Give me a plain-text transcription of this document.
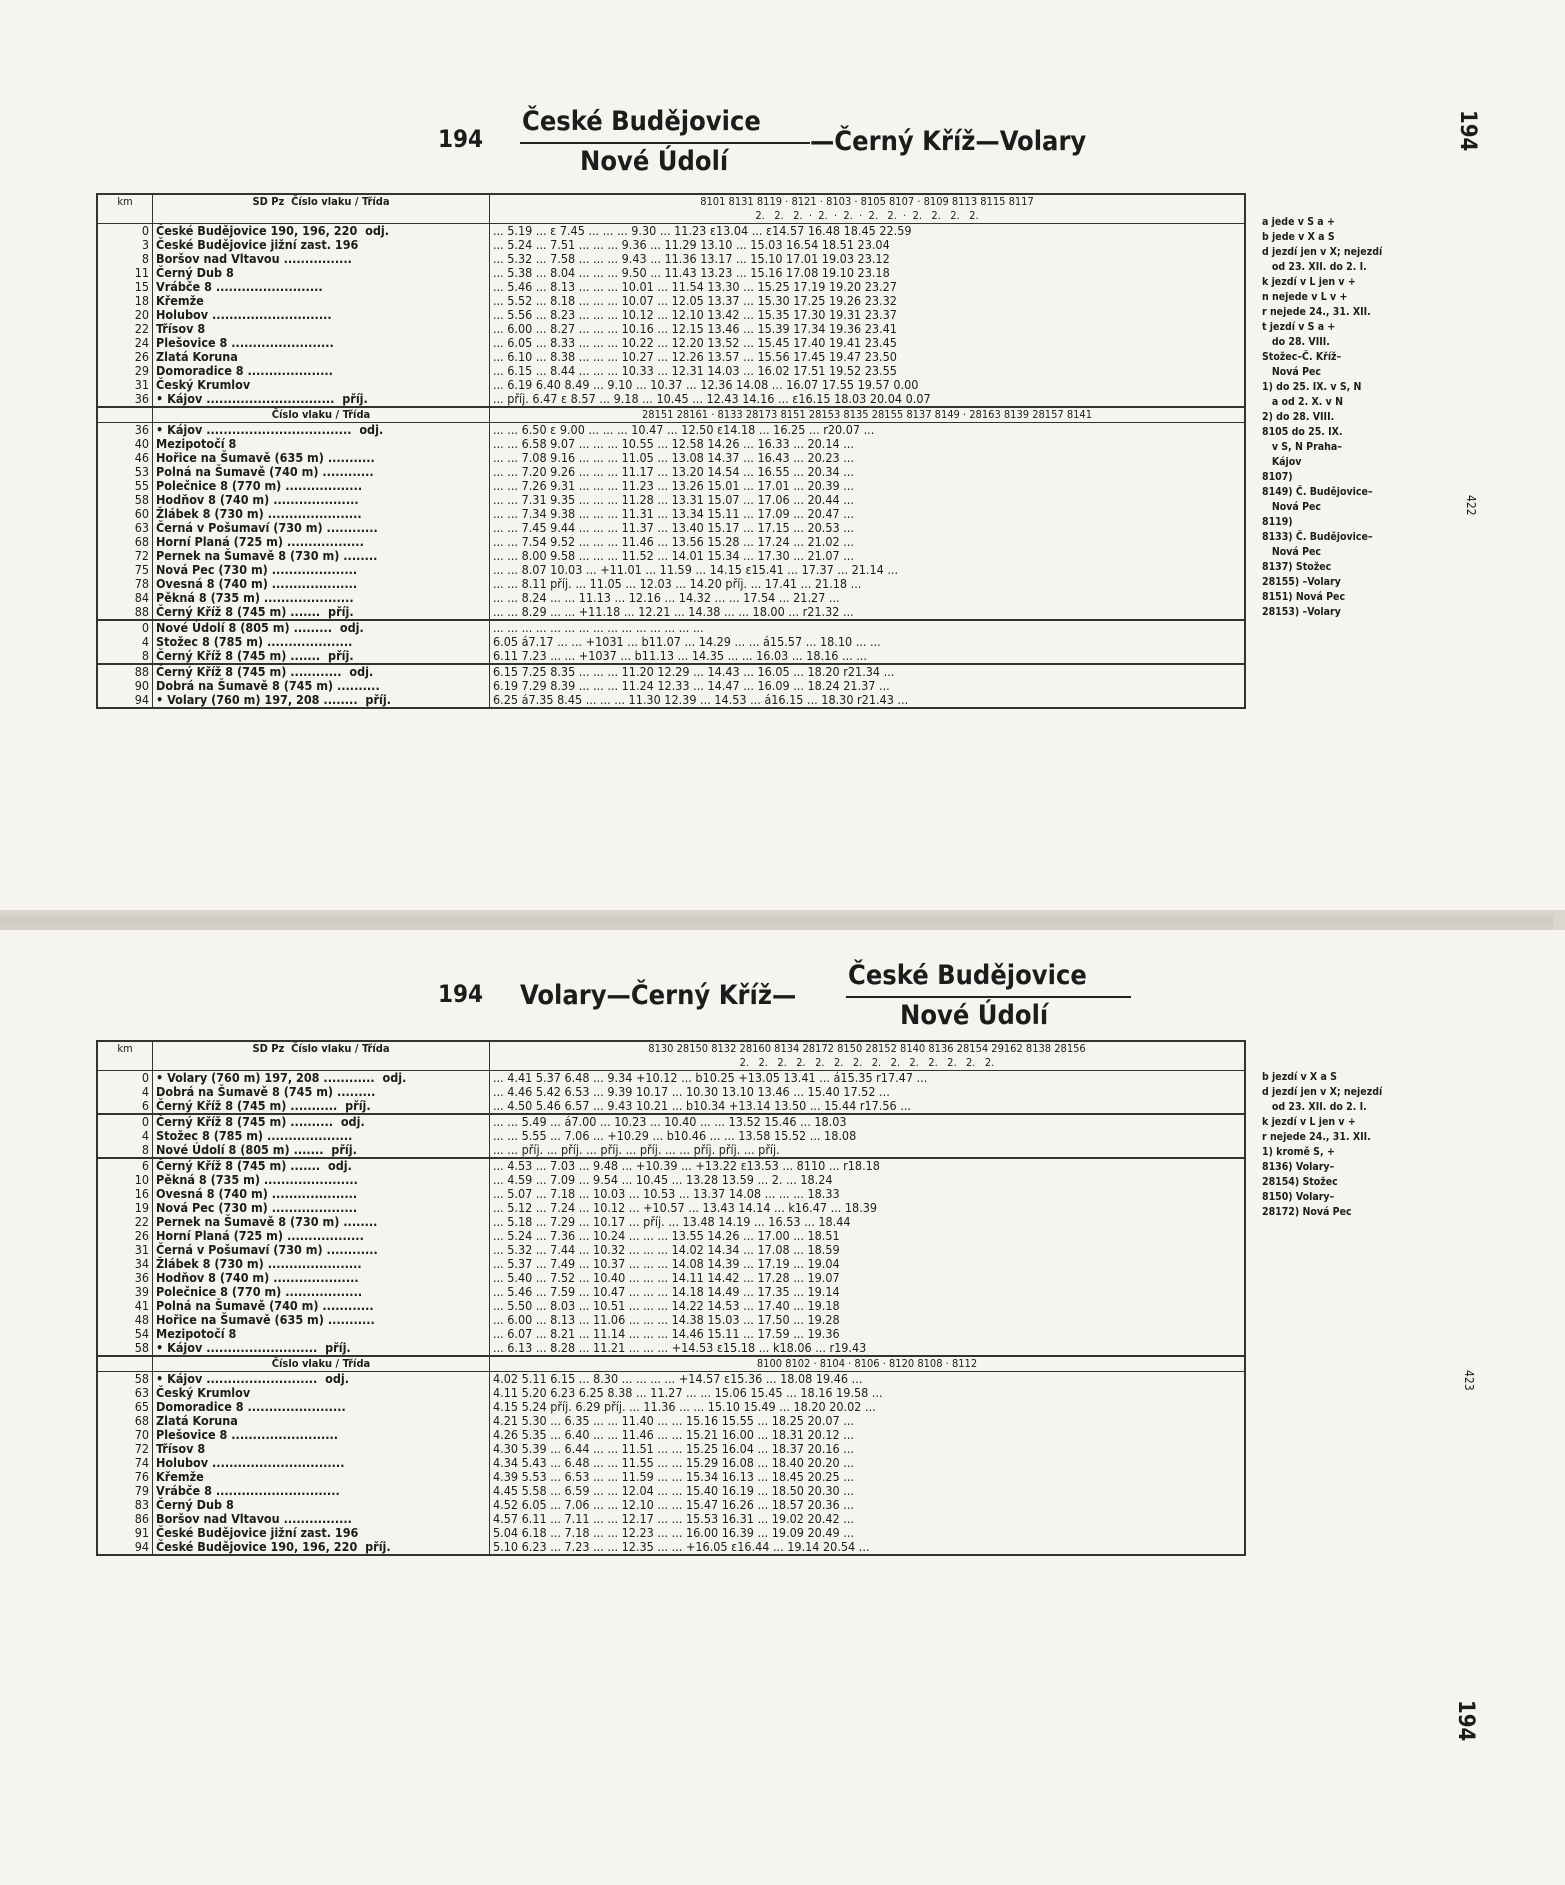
194
České Budějovice
Nové Údolí
—Černý Kříž—Volary	194
422
km	SD Pz Číslo vlaku / Třída	8101 8131 8119 · 8121 · 8103 · 8105 8107 · 8109 8113 8115 8117
2.   2.   2.  ·  2.  ·  2.  ·  2.   2.  ·  2.   2.   2.   2.

0	České Budějovice 190, 196, 220  odj.	... 5.19 ... ε 7.45 ... ... ... 9.30 ... 11.23 ε13.04 ... ε14.57 16.48 18.45 22.59
3	České Budějovice jižní zast. 196	... 5.24 ... 7.51 ... ... ... 9.36 ... 11.29 13.10 ... 15.03 16.54 18.51 23.04
8	Boršov nad Vltavou ................	... 5.32 ... 7.58 ... ... ... 9.43 ... 11.36 13.17 ... 15.10 17.01 19.03 23.12
11	Černý Dub 8	... 5.38 ... 8.04 ... ... ... 9.50 ... 11.43 13.23 ... 15.16 17.08 19.10 23.18
15	Vrábče 8 .........................	... 5.46 ... 8.13 ... ... ... 10.01 ... 11.54 13.30 ... 15.25 17.19 19.20 23.27
18	Křemže	... 5.52 ... 8.18 ... ... ... 10.07 ... 12.05 13.37 ... 15.30 17.25 19.26 23.32
20	Holubov ............................	... 5.56 ... 8.23 ... ... ... 10.12 ... 12.10 13.42 ... 15.35 17.30 19.31 23.37
22	Třísov 8	... 6.00 ... 8.27 ... ... ... 10.16 ... 12.15 13.46 ... 15.39 17.34 19.36 23.41
24	Plešovice 8 ........................	... 6.05 ... 8.33 ... ... ... 10.22 ... 12.20 13.52 ... 15.45 17.40 19.41 23.45
26	Zlatá Koruna	... 6.10 ... 8.38 ... ... ... 10.27 ... 12.26 13.57 ... 15.56 17.45 19.47 23.50
29	Domoradice 8 ....................	... 6.15 ... 8.44 ... ... ... 10.33 ... 12.31 14.03 ... 16.02 17.51 19.52 23.55
31	Český Krumlov	... 6.19 6.40 8.49 ... 9.10 ... 10.37 ... 12.36 14.08 ... 16.07 17.55 19.57 0.00
36	• Kájov ..............................  příj.	... příj. 6.47 ε 8.57 ... 9.18 ... 10.45 ... 12.43 14.16 ... ε16.15 18.03 20.04 0.07
	Číslo vlaku / Třída	28151 28161 · 8133 28173 8151 28153 8135 28155 8137 8149 · 28163 8139 28157 8141
36	• Kájov ..................................  odj.	... ... 6.50 ε 9.00 ... ... ... 10.47 ... 12.50 ε14.18 ... 16.25 ... r20.07 ...
40	Mezipotočí 8	... ... 6.58 9.07 ... ... ... 10.55 ... 12.58 14.26 ... 16.33 ... 20.14 ...
46	Hořice na Šumavě (635 m) ...........	... ... 7.08 9.16 ... ... ... 11.05 ... 13.08 14.37 ... 16.43 ... 20.23 ...
53	Polná na Šumavě (740 m) ............	... ... 7.20 9.26 ... ... ... 11.17 ... 13.20 14.54 ... 16.55 ... 20.34 ...
55	Polečnice 8 (770 m) ..................	... ... 7.26 9.31 ... ... ... 11.23 ... 13.26 15.01 ... 17.01 ... 20.39 ...
58	Hodňov 8 (740 m) ....................	... ... 7.31 9.35 ... ... ... 11.28 ... 13.31 15.07 ... 17.06 ... 20.44 ...
60	Žlábek 8 (730 m) ......................	... ... 7.34 9.38 ... ... ... 11.31 ... 13.34 15.11 ... 17.09 ... 20.47 ...
63	Černá v Pošumaví (730 m) ............	... ... 7.45 9.44 ... ... ... 11.37 ... 13.40 15.17 ... 17.15 ... 20.53 ...
68	Horní Planá (725 m) ..................	... ... 7.54 9.52 ... ... ... 11.46 ... 13.56 15.28 ... 17.24 ... 21.02 ...
72	Pernek na Šumavě 8 (730 m) ........	... ... 8.00 9.58 ... ... ... 11.52 ... 14.01 15.34 ... 17.30 ... 21.07 ...
75	Nová Pec (730 m) ....................	... ... 8.07 10.03 ... +11.01 ... 11.59 ... 14.15 ε15.41 ... 17.37 ... 21.14 ...
78	Ovesná 8 (740 m) ....................	... ... 8.11 příj. ... 11.05 ... 12.03 ... 14.20 příj. ... 17.41 ... 21.18 ...
84	Pěkná 8 (735 m) .....................	... ... 8.24 ... ... 11.13 ... 12.16 ... 14.32 ... ... 17.54 ... 21.27 ...
88	Černý Kříž 8 (745 m) .......  příj.	... ... 8.29 ... ... +11.18 ... 12.21 ... 14.38 ... ... 18.00 ... r21.32 ...
0	Nové Údolí 8 (805 m) .........  odj.	... ... ... ... ... ... ... ... ... ... ... ... ... ... ...
4	Stožec 8 (785 m) ....................	6.05 á7.17 ... ... +1031 ... b11.07 ... 14.29 ... ... á15.57 ... 18.10 ... ...
8	Černý Kříž 8 (745 m) .......  příj.	6.11 7.23 ... ... +1037 ... b11.13 ... 14.35 ... ... 16.03 ... 18.16 ... ...
88	Černý Kříž 8 (745 m) ............  odj.	6.15 7.25 8.35 ... ... ... 11.20 12.29 ... 14.43 ... 16.05 ... 18.20 r21.34 ...
90	Dobrá na Šumavě 8 (745 m) ..........	6.19 7.29 8.39 ... ... ... 11.24 12.33 ... 14.47 ... 16.09 ... 18.24 21.37 ...
94	• Volary (760 m) 197, 208 ........  příj.	6.25 á7.35 8.45 ... ... ... 11.30 12.39 ... 14.53 ... á16.15 ... 18.30 r21.43 ...
a jede v S a +
b jede v X a S
d jezdí jen v X; nejezdí
od 23. XII. do 2. I.
k jezdí v L jen v +
n nejede v L v +
r nejede 24., 31. XII.
t jezdí v S a +
do 28. VIII.
Stožec–Č. Kříž–
Nová Pec
1) do 25. IX. v S, N
a od 2. X. v N
2) do 28. VIII.
8105 do 25. IX.
v S, N Praha–
Kájov
8107)
8149) Č. Budějovice–
Nová Pec
8119)
8133) Č. Budějovice–
Nová Pec
8137) Stožec
28155) –Volary
8151) Nová Pec
28153) –Volary
194 Volary—Černý Kříž—
České Budějovice
Nové Údolí
194
423
km	SD Pz Číslo vlaku / Třída	8130 28150 8132 28160 8134 28172 8150 28152 8140 8136 28154 29162 8138 28156
2.   2.   2.   2.   2.   2.   2.   2.   2.   2.   2.   2.   2.   2.

0	• Volary (760 m) 197, 208 ............  odj.	... 4.41 5.37 6.48 ... 9.34 +10.12 ... b10.25 +13.05 13.41 ... á15.35 r17.47 ...
4	Dobrá na Šumavě 8 (745 m) .........	... 4.46 5.42 6.53 ... 9.39 10.17 ... 10.30 13.10 13.46 ... 15.40 17.52 ...
6	Černý Kříž 8 (745 m) ...........  příj.	... 4.50 5.46 6.57 ... 9.43 10.21 ... b10.34 +13.14 13.50 ... 15.44 r17.56 ...
0	Černý Kříž 8 (745 m) ..........  odj.	... ... 5.49 ... á7.00 ... 10.23 ... 10.40 ... ... 13.52 15.46 ... 18.03
4	Stožec 8 (785 m) ....................	... ... 5.55 ... 7.06 ... +10.29 ... b10.46 ... ... 13.58 15.52 ... 18.08
8	Nové Údolí 8 (805 m) .......  příj.	... ... příj. ... příj. ... příj. ... příj. ... ... příj. příj. ... příj.
6	Černý Kříž 8 (745 m) .......  odj.	... 4.53 ... 7.03 ... 9.48 ... +10.39 ... +13.22 ε13.53 ... 8110 ... r18.18
10	Pěkná 8 (735 m) ......................	... 4.59 ... 7.09 ... 9.54 ... 10.45 ... 13.28 13.59 ... 2. ... 18.24
16	Ovesná 8 (740 m) ....................	... 5.07 ... 7.18 ... 10.03 ... 10.53 ... 13.37 14.08 ... ... ... 18.33
19	Nová Pec (730 m) ....................	... 5.12 ... 7.24 ... 10.12 ... +10.57 ... 13.43 14.14 ... k16.47 ... 18.39
22	Pernek na Šumavě 8 (730 m) ........	... 5.18 ... 7.29 ... 10.17 ... příj. ... 13.48 14.19 ... 16.53 ... 18.44
26	Horní Planá (725 m) ..................	... 5.24 ... 7.36 ... 10.24 ... ... ... 13.55 14.26 ... 17.00 ... 18.51
31	Černá v Pošumaví (730 m) ............	... 5.32 ... 7.44 ... 10.32 ... ... ... 14.02 14.34 ... 17.08 ... 18.59
34	Žlábek 8 (730 m) ......................	... 5.37 ... 7.49 ... 10.37 ... ... ... 14.08 14.39 ... 17.19 ... 19.04
36	Hodňov 8 (740 m) ....................	... 5.40 ... 7.52 ... 10.40 ... ... ... 14.11 14.42 ... 17.28 ... 19.07
39	Polečnice 8 (770 m) ..................	... 5.46 ... 7.59 ... 10.47 ... ... ... 14.18 14.49 ... 17.35 ... 19.14
41	Polná na Šumavě (740 m) ............	... 5.50 ... 8.03 ... 10.51 ... ... ... 14.22 14.53 ... 17.40 ... 19.18
48	Hořice na Šumavě (635 m) ...........	... 6.00 ... 8.13 ... 11.06 ... ... ... 14.38 15.03 ... 17.50 ... 19.28
54	Mezipotočí 8	... 6.07 ... 8.21 ... 11.14 ... ... ... 14.46 15.11 ... 17.59 ... 19.36
58	• Kájov ..........................  příj.	... 6.13 ... 8.28 ... 11.21 ... ... ... +14.53 ε15.18 ... k18.06 ... r19.43
	Číslo vlaku / Třída	8100 8102 · 8104 · 8106 · 8120 8108 · 8112
58	• Kájov ..........................  odj.	4.02 5.11 6.15 ... 8.30 ... ... ... ... +14.57 ε15.36 ... 18.08 19.46 ...
63	Český Krumlov	4.11 5.20 6.23 6.25 8.38 ... 11.27 ... ... 15.06 15.45 ... 18.16 19.58 ...
65	Domoradice 8 .......................	4.15 5.24 příj. 6.29 příj. ... 11.36 ... ... 15.10 15.49 ... 18.20 20.02 ...
68	Zlatá Koruna	4.21 5.30 ... 6.35 ... ... 11.40 ... ... 15.16 15.55 ... 18.25 20.07 ...
70	Plešovice 8 .........................	4.26 5.35 ... 6.40 ... ... 11.46 ... ... 15.21 16.00 ... 18.31 20.12 ...
72	Třísov 8	4.30 5.39 ... 6.44 ... ... 11.51 ... ... 15.25 16.04 ... 18.37 20.16 ...
74	Holubov ...............................	4.34 5.43 ... 6.48 ... ... 11.55 ... ... 15.29 16.08 ... 18.40 20.20 ...
76	Křemže	4.39 5.53 ... 6.53 ... ... 11.59 ... ... 15.34 16.13 ... 18.45 20.25 ...
79	Vrábče 8 .............................	4.45 5.58 ... 6.59 ... ... 12.04 ... ... 15.40 16.19 ... 18.50 20.30 ...
83	Černý Dub 8	4.52 6.05 ... 7.06 ... ... 12.10 ... ... 15.47 16.26 ... 18.57 20.36 ...
86	Boršov nad Vltavou ................	4.57 6.11 ... 7.11 ... ... 12.17 ... ... 15.53 16.31 ... 19.02 20.42 ...
91	České Budějovice jižní zast. 196	5.04 6.18 ... 7.18 ... ... 12.23 ... ... 16.00 16.39 ... 19.09 20.49 ...
94	České Budějovice 190, 196, 220  příj.	5.10 6.23 ... 7.23 ... ... 12.35 ... ... +16.05 ε16.44 ... 19.14 20.54 ...
b jezdí v X a S
d jezdí jen v X; nejezdí
od 23. XII. do 2. I.
k jezdí v L jen v +
r nejede 24., 31. XII.
1) kromě S, +
8136) Volary–
28154) Stožec
8150) Volary–
28172) Nová Pec
